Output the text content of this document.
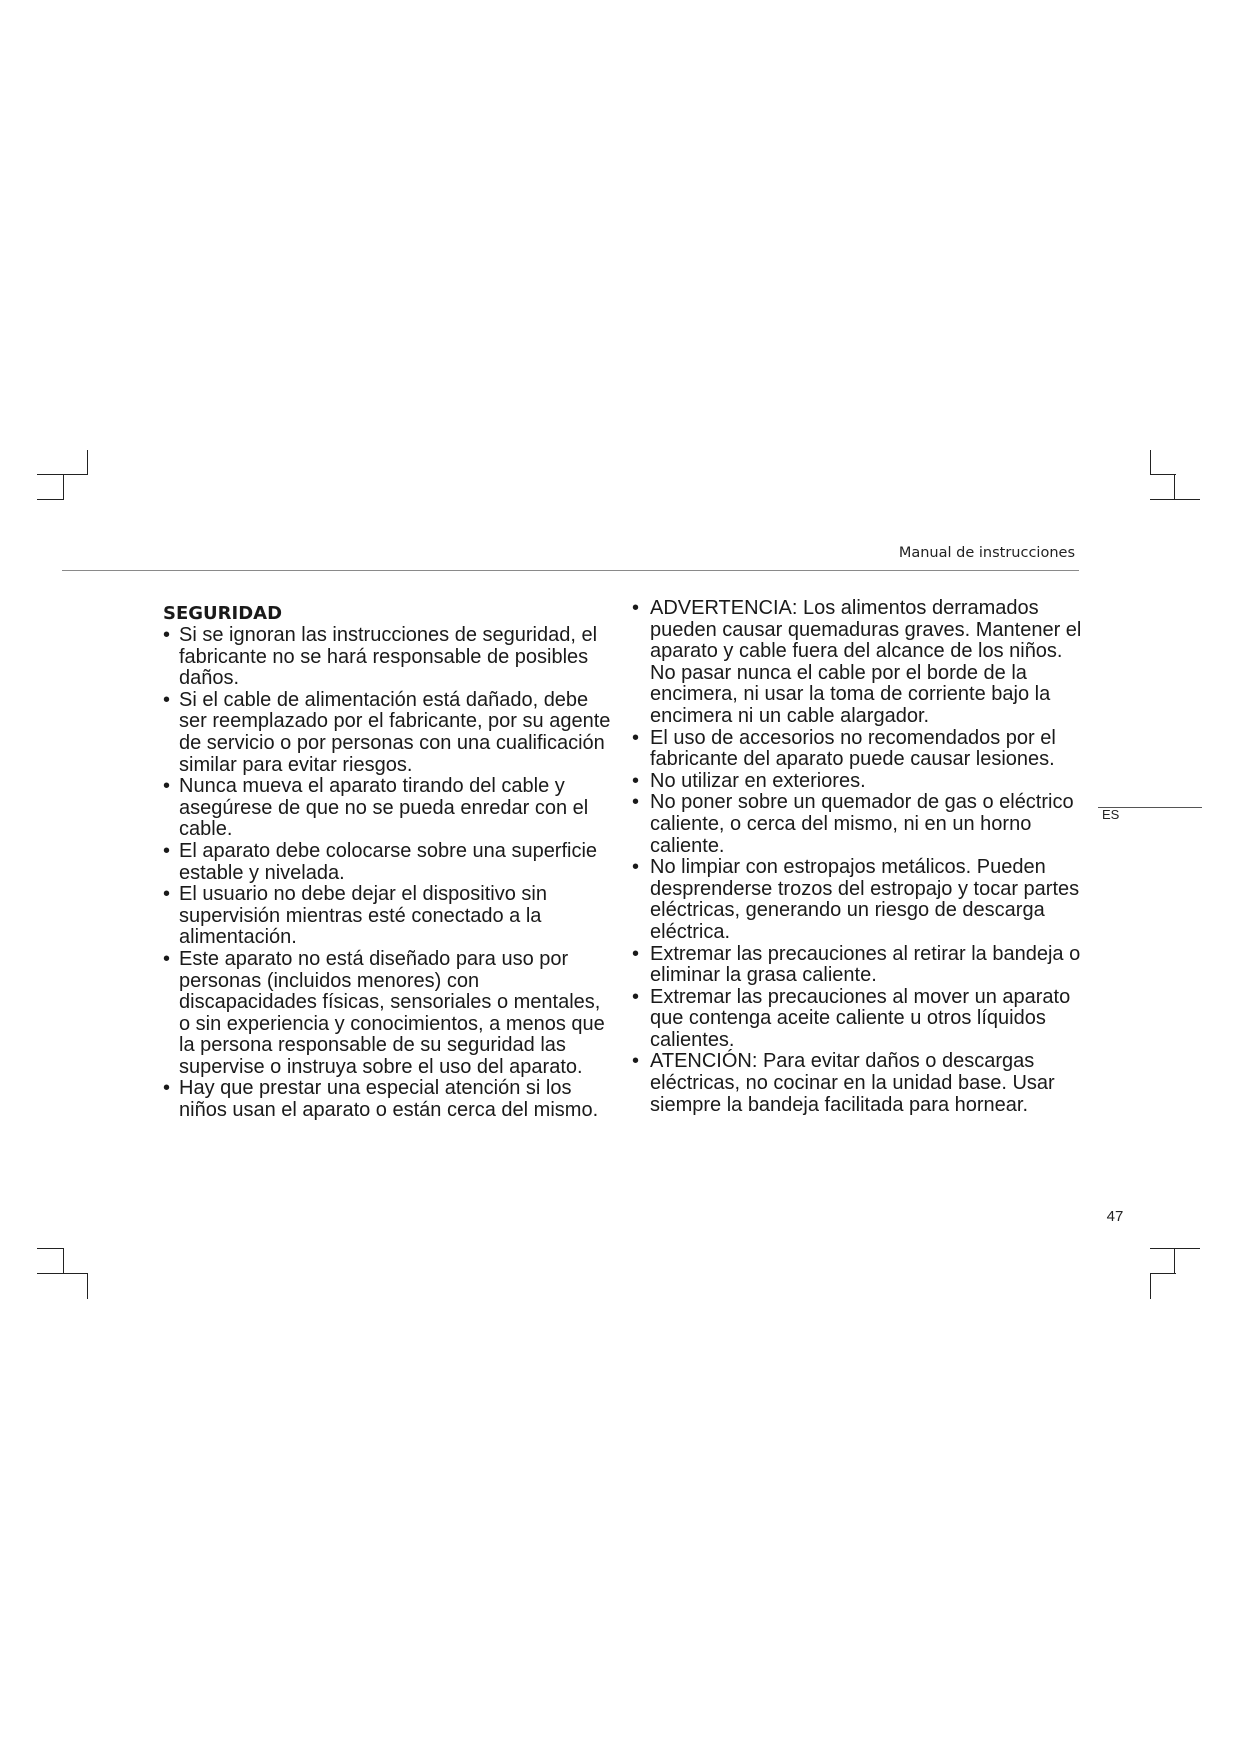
Manual de instrucciones
ES
SEGURIDAD
• Si se ignoran las instrucciones de seguridad, el fabricante no se hará responsable de posibles daños.
• Si el cable de alimentación está dañado, debe ser reemplazado por el fabricante, por su agente de servicio o por personas con una cualificación similar para evitar riesgos.
• Nunca mueva el aparato tirando del cable y asegúrese de que no se pueda enredar con el cable.
• El aparato debe colocarse sobre una superficie estable y nivelada.
• El usuario no debe dejar el dispositivo sin supervisión mientras esté conectado a la alimentación.
• Este aparato no está diseñado para uso por personas (incluidos menores) con discapacidades físicas, sensoriales o mentales, o sin experiencia y conocimientos, a menos que la persona responsable de su seguridad las supervise o instruya sobre el uso del aparato.
• Hay que prestar una especial atención si los niños usan el aparato o están cerca del mismo.
• ADVERTENCIA: Los alimentos derramados pueden causar quemaduras graves. Mantener el aparato y cable fuera del alcance de los niños. No pasar nunca el cable por el borde de la encimera, ni usar la toma de corriente bajo la encimera ni un cable alargador.
• El uso de accesorios no recomendados por el fabricante del aparato puede causar lesiones.
• No utilizar en exteriores.
• No poner sobre un quemador de gas o eléctrico caliente, o cerca del mismo, ni en un horno caliente.
• No limpiar con estropajos metálicos. Pueden desprenderse trozos del estropajo y tocar partes eléctricas, generando un riesgo de descarga eléctrica.
• Extremar las precauciones al retirar la bandeja o eliminar la grasa caliente.
• Extremar las precauciones al mover un aparato que contenga aceite caliente u otros líquidos calientes.
• ATENCIÓN: Para evitar daños o descargas eléctricas, no cocinar en la unidad base. Usar siempre la bandeja facilitada para hornear.
47
